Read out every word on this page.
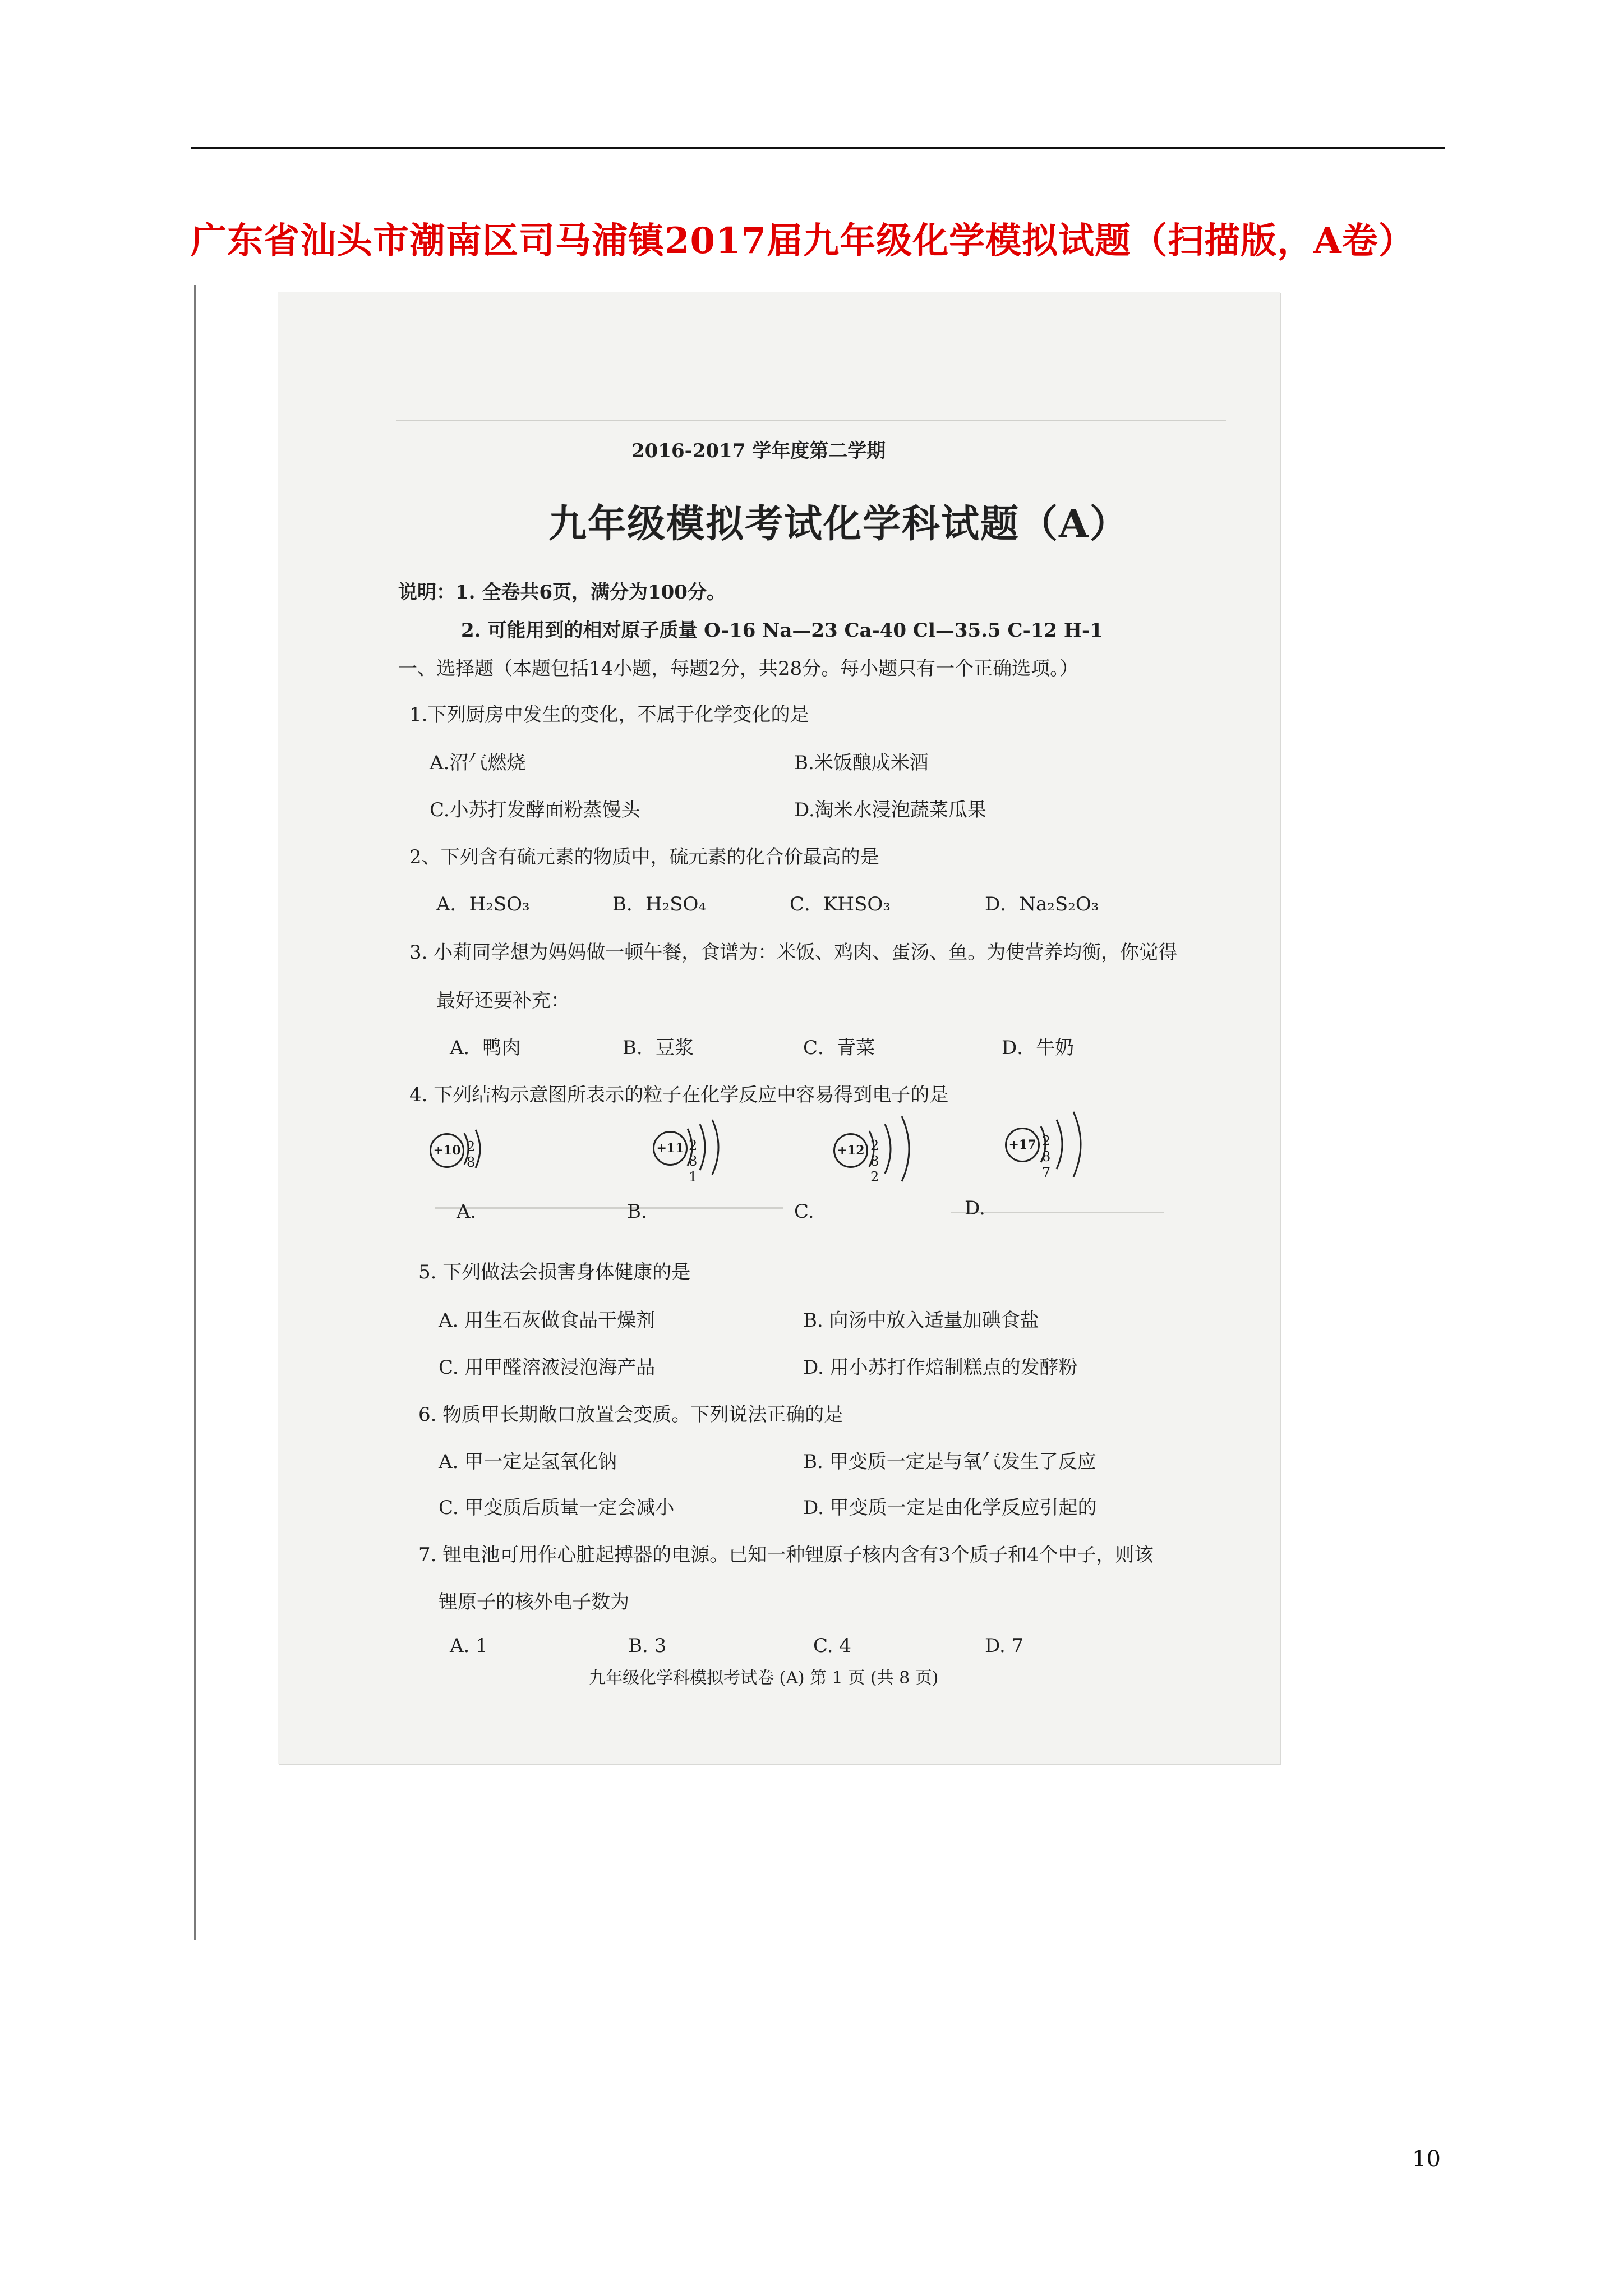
广东省汕头市潮南区司马浦镇2017届九年级化学模拟试题（扫描版，A卷）
2016-2017 学年度第二学期
九年级模拟考试化学科试题（A）
说明：1. 全卷共6页，满分为100分。
2. 可能用到的相对原子质量 O-16 Na—23 Ca-40 Cl—35.5 C-12 H-1
一、选择题（本题包括14小题，每题2分，共28分。每小题只有一个正确选项。）
1.下列厨房中发生的变化，不属于化学变化的是
A.沼气燃烧	B.米饭酿成米酒
C.小苏打发酵面粉蒸馒头	D.淘米水浸泡蔬菜瓜果
2、下列含有硫元素的物质中，硫元素的化合价最高的是
A．H₂SO₃	B．H₂SO₄	C．KHSO₃	D．Na₂S₂O₃
3. 小莉同学想为妈妈做一顿午餐，食谱为：米饭、鸡肉、蛋汤、鱼。为使营养均衡，你觉得
最好还要补充：
A．鸭肉	B．豆浆	C．青菜	D．牛奶
4. 下列结构示意图所表示的粒子在化学反应中容易得到电子的是
+10 2 8
A.
+11 2 8 1
B.
+12 2 8 2
C.
+17 2 8 7
D.
5. 下列做法会损害身体健康的是
A. 用生石灰做食品干燥剂	B. 向汤中放入适量加碘食盐
C. 用甲醛溶液浸泡海产品	D. 用小苏打作焙制糕点的发酵粉
6. 物质甲长期敞口放置会变质。下列说法正确的是
A. 甲一定是氢氧化钠	B. 甲变质一定是与氧气发生了反应
C. 甲变质后质量一定会减小	D. 甲变质一定是由化学反应引起的
7. 锂电池可用作心脏起搏器的电源。已知一种锂原子核内含有3个质子和4个中子，则该
锂原子的核外电子数为
A. 1	B. 3	C. 4	D. 7
九年级化学科模拟考试卷 (A) 第 1 页 (共 8 页)
10
